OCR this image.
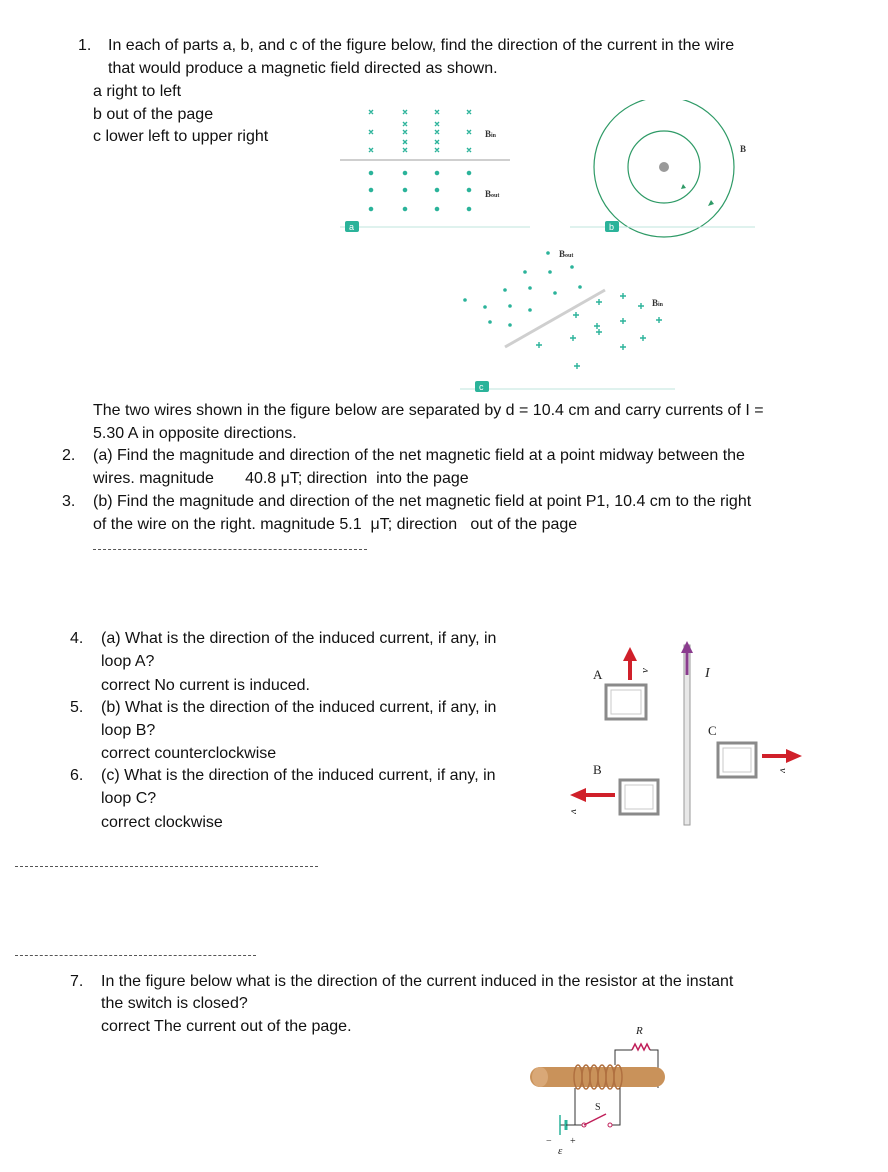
1. In each of parts a, b, and c of the figure below, find the direction of the current in the wire
that would produce a magnetic field directed as shown.
a right to left
b out of the page
c lower left to upper right	Bin
Bout
a
B
b
Bout
Bin
c
The two wires shown in the figure below are separated by d = 10.4 cm and carry currents of I =
5.30 A in opposite directions.
2. (a) Find the magnitude and direction of the net magnetic field at a point midway between the
wires. magnitude       40.8 μT; direction  into the page
3. (b) Find the magnitude and direction of the net magnetic field at point P1, 10.4 cm to the right
of the wire on the right. magnitude 5.1  μT; direction   out of the page
4. (a) What is the direction of the induced current, if any, in
loop A?
correct No current is induced.
5. (b) What is the direction of the induced current, if any, in
loop B?
correct counterclockwise
6. (c) What is the direction of the induced current, if any, in
loop C?
correct clockwise
I
A	v
B
v
C
v
7. In the figure below what is the direction of the current induced in the resistor at the instant
the switch is closed?
correct The current out of the page.	R
− +
ε
S
